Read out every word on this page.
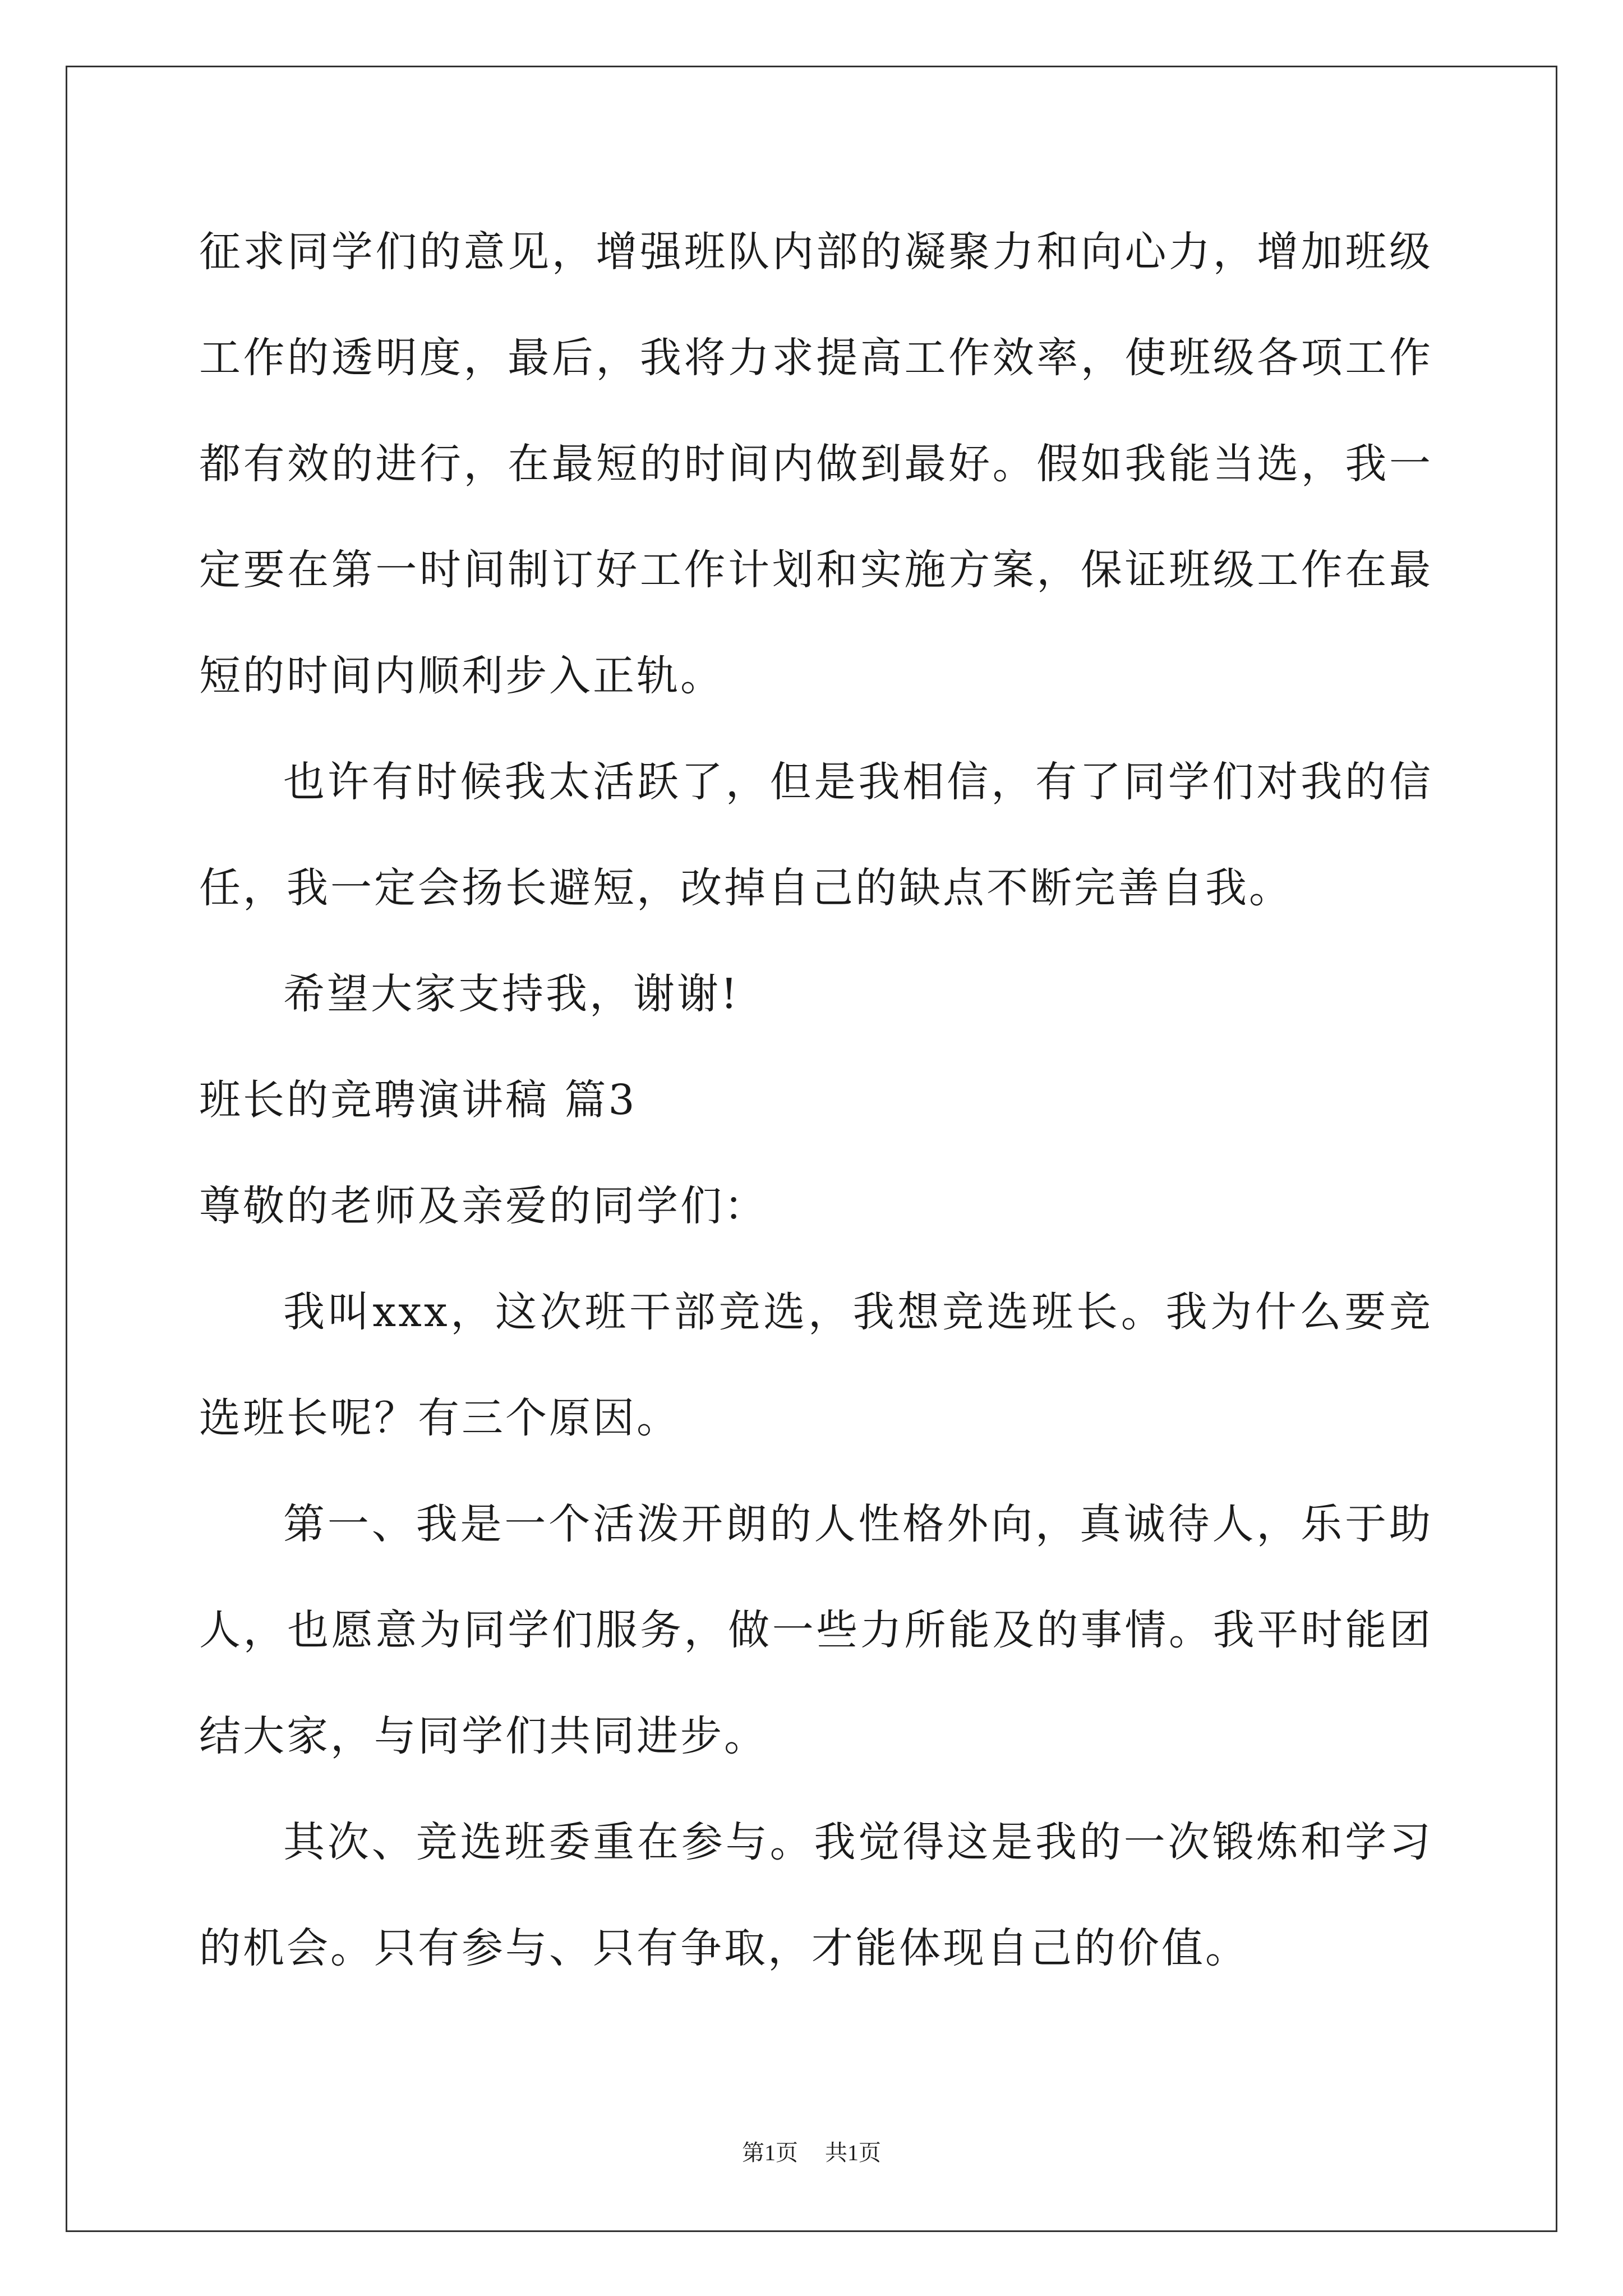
征求同学们的意见，增强班队内部的凝聚力和向心力，增加班级工作的透明度，最后，我将力求提高工作效率，使班级各项工作都有效的进行，在最短的时间内做到最好。假如我能当选，我一定要在第一时间制订好工作计划和实施方案，保证班级工作在最短的时间内顺利步入正轨。

也许有时候我太活跃了，但是我相信，有了同学们对我的信任，我一定会扬长避短，改掉自己的缺点不断完善自我。

希望大家支持我，谢谢!

班长的竞聘演讲稿 篇3

尊敬的老师及亲爱的同学们：

我叫xxx，这次班干部竞选，我想竞选班长。我为什么要竞选班长呢？有三个原因。

第一、我是一个活泼开朗的人性格外向，真诚待人，乐于助人，也愿意为同学们服务，做一些力所能及的事情。我平时能团结大家，与同学们共同进步。

其次、竞选班委重在参与。我觉得这是我的一次锻炼和学习的机会。只有参与、只有争取，才能体现自己的价值。

第1页 共1页
